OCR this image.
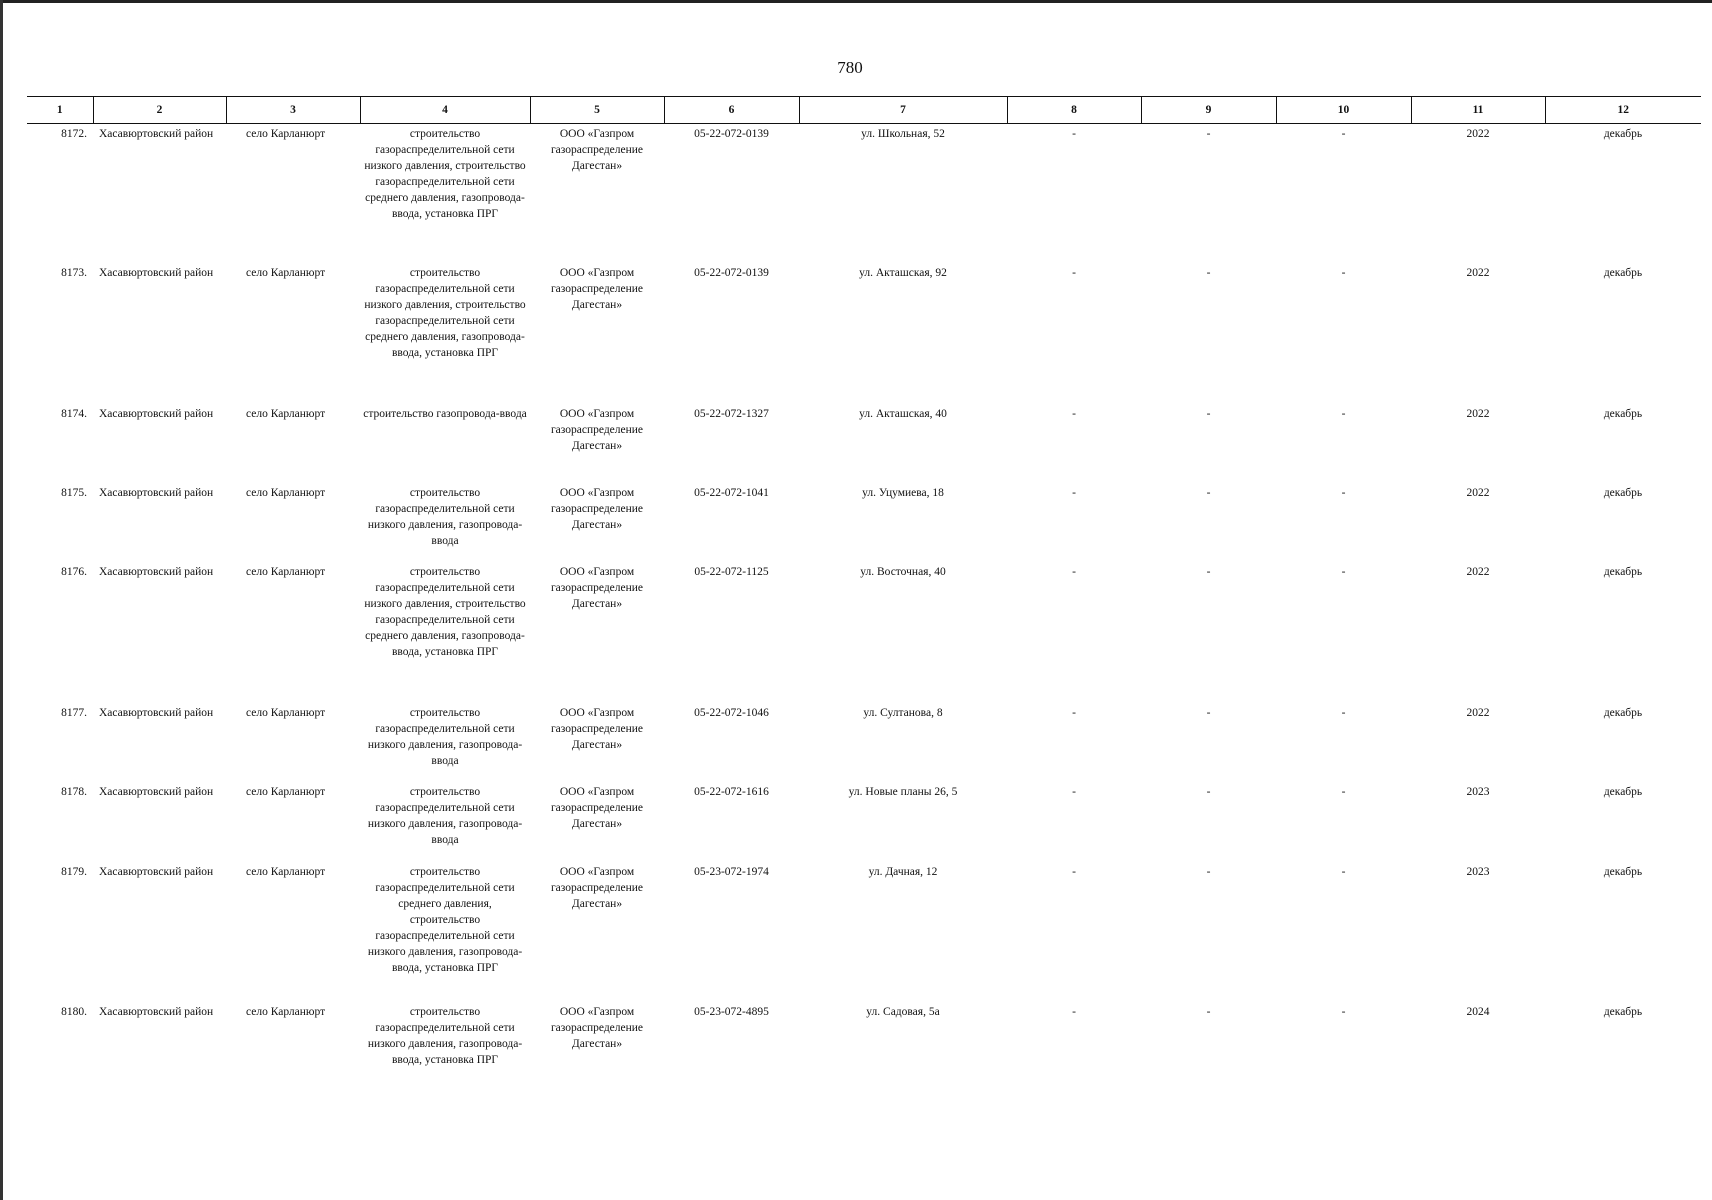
780
1	2	3	4	5	6	7	8	9	10	11	12
8172.	Хасавюртовский район	село Карланюрт	строительство газораспределительной сети низкого давления, строительство газораспределительной сети среднего давления, газопровода-ввода, установка ПРГ	ООО «Газпром газораспределение Дагестан»	05-22-072-0139	ул. Школьная, 52	-	-	-	2022	декабрь
8173.	Хасавюртовский район	село Карланюрт	строительство газораспределительной сети низкого давления, строительство газораспределительной сети среднего давления, газопровода-ввода, установка ПРГ	ООО «Газпром газораспределение Дагестан»	05-22-072-0139	ул. Акташская, 92	-	-	-	2022	декабрь
8174.	Хасавюртовский район	село Карланюрт	строительство газопровода-ввода	ООО «Газпром газораспределение Дагестан»	05-22-072-1327	ул. Акташская, 40	-	-	-	2022	декабрь
8175.	Хасавюртовский район	село Карланюрт	строительство газораспределительной сети низкого давления, газопровода-ввода	ООО «Газпром газораспределение Дагестан»	05-22-072-1041	ул. Уцумиева, 18	-	-	-	2022	декабрь
8176.	Хасавюртовский район	село Карланюрт	строительство газораспределительной сети низкого давления, строительство газораспределительной сети среднего давления, газопровода-ввода, установка ПРГ	ООО «Газпром газораспределение Дагестан»	05-22-072-1125	ул. Восточная, 40	-	-	-	2022	декабрь
8177.	Хасавюртовский район	село Карланюрт	строительство газораспределительной сети низкого давления, газопровода-ввода	ООО «Газпром газораспределение Дагестан»	05-22-072-1046	ул. Султанова, 8	-	-	-	2022	декабрь
8178.	Хасавюртовский район	село Карланюрт	строительство газораспределительной сети низкого давления, газопровода-ввода	ООО «Газпром газораспределение Дагестан»	05-22-072-1616	ул. Новые планы 26, 5	-	-	-	2023	декабрь
8179.	Хасавюртовский район	село Карланюрт	строительство газораспределительной сети среднего давления, строительство газораспределительной сети низкого давления, газопровода-ввода, установка ПРГ	ООО «Газпром газораспределение Дагестан»	05-23-072-1974	ул. Дачная, 12	-	-	-	2023	декабрь
8180.	Хасавюртовский район	село Карланюрт	строительство газораспределительной сети низкого давления, газопровода-ввода, установка ПРГ	ООО «Газпром газораспределение Дагестан»	05-23-072-4895	ул. Садовая, 5а	-	-	-	2024	декабрь
